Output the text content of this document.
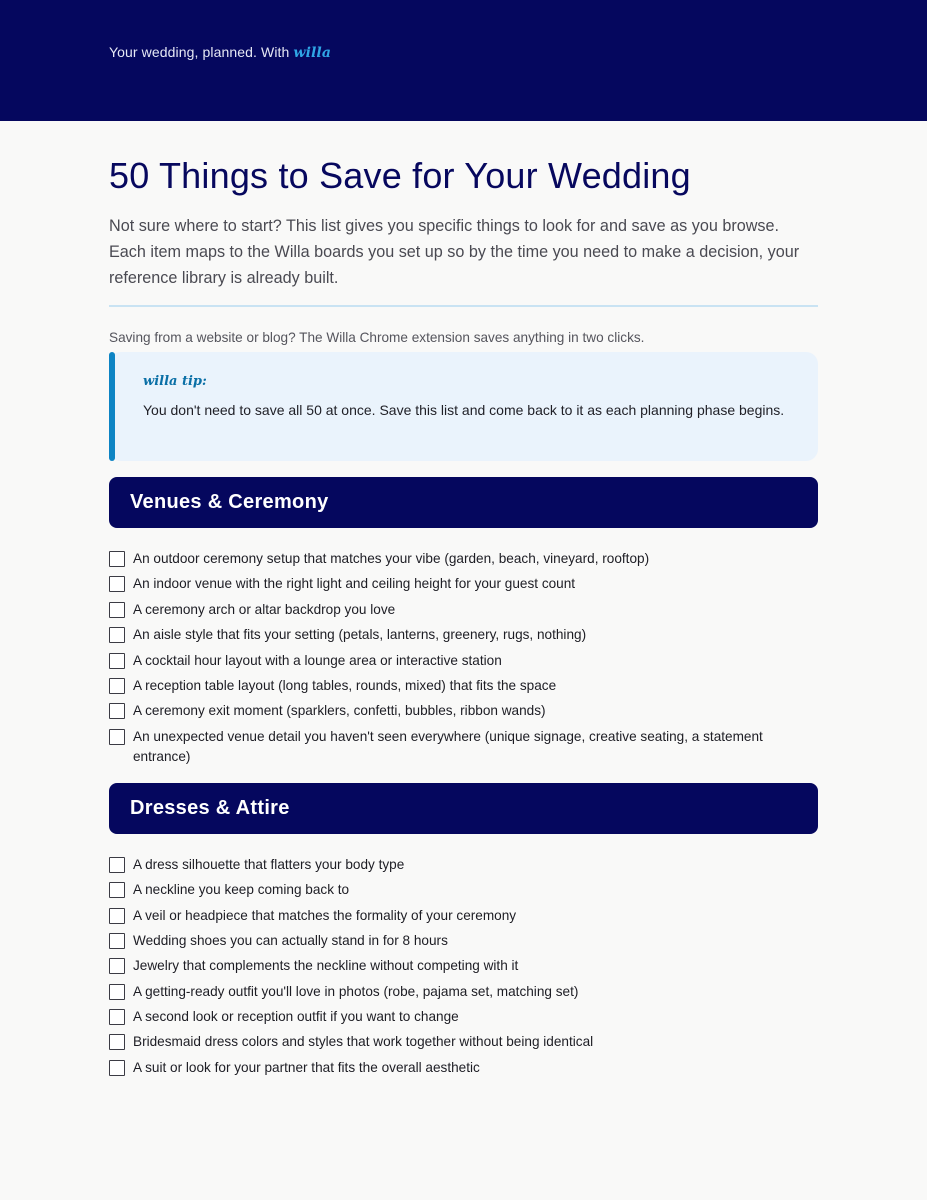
Your wedding, planned. With willa
50 Things to Save for Your Wedding

Not sure where to start? This list gives you specific things to look for and save as you browse. Each item maps to the Willa boards you set up so by the time you need to make a decision, your reference library is already built.

Saving from a website or blog? The Willa Chrome extension saves anything in two clicks.

willa tip:
You don't need to save all 50 at once. Save this list and come back to it as each planning phase begins.
Venues & Ceremony
An outdoor ceremony setup that matches your vibe (garden, beach, vineyard, rooftop)
An indoor venue with the right light and ceiling height for your guest count
A ceremony arch or altar backdrop you love
An aisle style that fits your setting (petals, lanterns, greenery, rugs, nothing)
A cocktail hour layout with a lounge area or interactive station
A reception table layout (long tables, rounds, mixed) that fits the space
A ceremony exit moment (sparklers, confetti, bubbles, ribbon wands)
An unexpected venue detail you haven't seen everywhere (unique signage, creative seating, a statement entrance)
Dresses & Attire
A dress silhouette that flatters your body type
A neckline you keep coming back to
A veil or headpiece that matches the formality of your ceremony
Wedding shoes you can actually stand in for 8 hours
Jewelry that complements the neckline without competing with it
A getting-ready outfit you'll love in photos (robe, pajama set, matching set)
A second look or reception outfit if you want to change
Bridesmaid dress colors and styles that work together without being identical
A suit or look for your partner that fits the overall aesthetic
